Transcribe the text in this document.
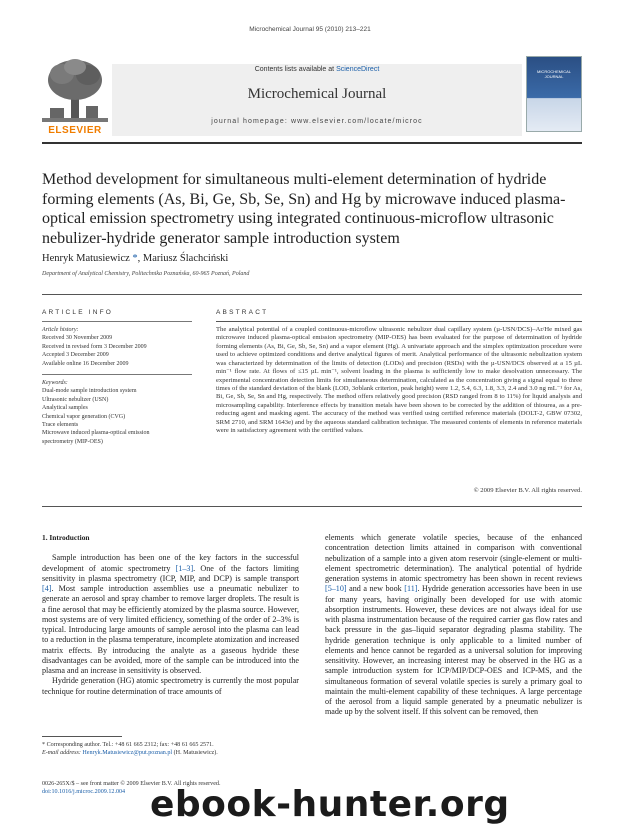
Microchemical Journal 95 (2010) 213–221
ELSEVIER
Contents lists available at ScienceDirect
Microchemical Journal
journal homepage: www.elsevier.com/locate/microc
MICROCHEMICAL JOURNAL
Method development for simultaneous multi-element determination of hydride forming elements (As, Bi, Ge, Sb, Se, Sn) and Hg by microwave induced plasma-optical emission spectrometry using integrated continuous-microflow ultrasonic nebulizer-hydride generator sample introduction system
Henryk Matusiewicz *, Mariusz Ślachciński
Department of Analytical Chemistry, Politechnika Poznańska, 60-965 Poznań, Poland
ARTICLE INFO	ABSTRACT
Article history:
Received 30 November 2009
Received in revised form 3 December 2009
Accepted 3 December 2009
Available online 16 December 2009
Keywords:
Dual-mode sample introduction system
Ultrasonic nebulizer (USN)
Analytical samples
Chemical vapor generation (CVG)
Trace elements
Microwave induced plasma-optical emission
spectrometry (MIP-OES)
The analytical potential of a coupled continuous-microflow ultrasonic nebulizer dual capillary system (µ-USN/DCS)–Ar/He mixed gas microwave induced plasma-optical emission spectrometry (MIP-OES) has been evaluated for the purpose of determination of hydride forming elements (As, Bi, Ge, Sb, Se, Sn) and a vapor element (Hg). A univariate approach and the simplex optimization procedure were used to achieve optimized conditions and derive analytical figures of merit. Analytical performance of the ultrasonic nebulization system was characterized by determination of the limits of detection (LODs) and precision (RSDs) with the µ-USN/DCS observed at a 15 µL min⁻¹ flow rate. At flows of ≤15 µL min⁻¹, solvent loading in the plasma is sufficiently low to make desolvation unnecessary. The experimental concentration detection limits for simultaneous determination, calculated as the concentration giving a signal equal to three times of the standard deviation of the blank (LOD, 3σblank criterion, peak height) were 1.2, 5.4, 6.3, 1.8, 3.3, 2.4 and 3.0 ng mL⁻¹ for As, Bi, Ge, Sb, Se, Sn and Hg, respectively. The method offers relatively good precision (RSD ranged from 8 to 11%) for liquid analysis and microsampling capability. Interference effects by transition metals have been shown to be corrected by the addition of thiourea, as a pre-reducing agent and masking agent. The accuracy of the method was verified using certified reference materials (DOLT-2, GBW 07302, SRM 2710, and SRM 1643e) and by the aqueous standard calibration technique. The measured contents of elements in reference materials were in satisfactory agreement with the certified values.
© 2009 Elsevier B.V. All rights reserved.
1. Introduction

Sample introduction has been one of the key factors in the successful development of atomic spectrometry [1–3]. One of the factors limiting sensitivity in plasma spectrometry (ICP, MIP, and DCP) is sample transport [4]. Most sample introduction assemblies use a pneumatic nebulizer to generate an aerosol and spray chamber to remove larger droplets. The result is a fine aerosol that may be efficiently atomized by the plasma source. However, most systems are of very limited efficiency, something of the order of 2–3% is typical. Introducing large amounts of sample aerosol into the plasma can lead to a reduction in the plasma temperature, incomplete atomization and increased matrix effects. By introducing the analyte as a gaseous hydride these disadvantages can be avoided, more of the sample can be introduced into the plasma and an increase in sensitivity is observed.

Hydride generation (HG) atomic spectrometry is currently the most popular technique for routine determination of trace amounts of

elements which generate volatile species, because of the enhanced concentration detection limits attained in comparison with conventional nebulization of a sample into a given atom reservoir (single-element or multi-element spectrometric determination). The analytical potential of hydride generation systems in atomic spectrometry has been shown in recent reviews [5–10] and a new book [11]. Hydride generation accessories have been in use for many years, having originally been developed for use with atomic absorption instruments. However, these devices are not always ideal for use with plasma instrumentation because of the required carrier gas flow rates and back pressure in the gas–liquid separator degrading plasma stability. The hydride generation technique is only applicable to a limited number of elements and hence cannot be regarded as a universal solution for improving sensitivity. However, an increasing interest may be observed in the HG as a sample introduction system for ICP/MIP/DCP-OES and ICP-MS, and the simultaneous formation of several volatile species is surely a primary goal to maintain the multi-element capability of these techniques. A large percentage of the aerosol from a liquid sample generated by a pneumatic nebulizer is made up by the solvent itself. If this solvent can be removed, then

* Corresponding author. Tel.: +48 61 665 2312; fax: +48 61 665 2571.
E-mail address: Henryk.Matusiewicz@put.poznan.pl (H. Matusiewicz).
0026-265X/$ – see front matter © 2009 Elsevier B.V. All rights reserved.
doi:10.1016/j.microc.2009.12.004 ebook-hunter.org
